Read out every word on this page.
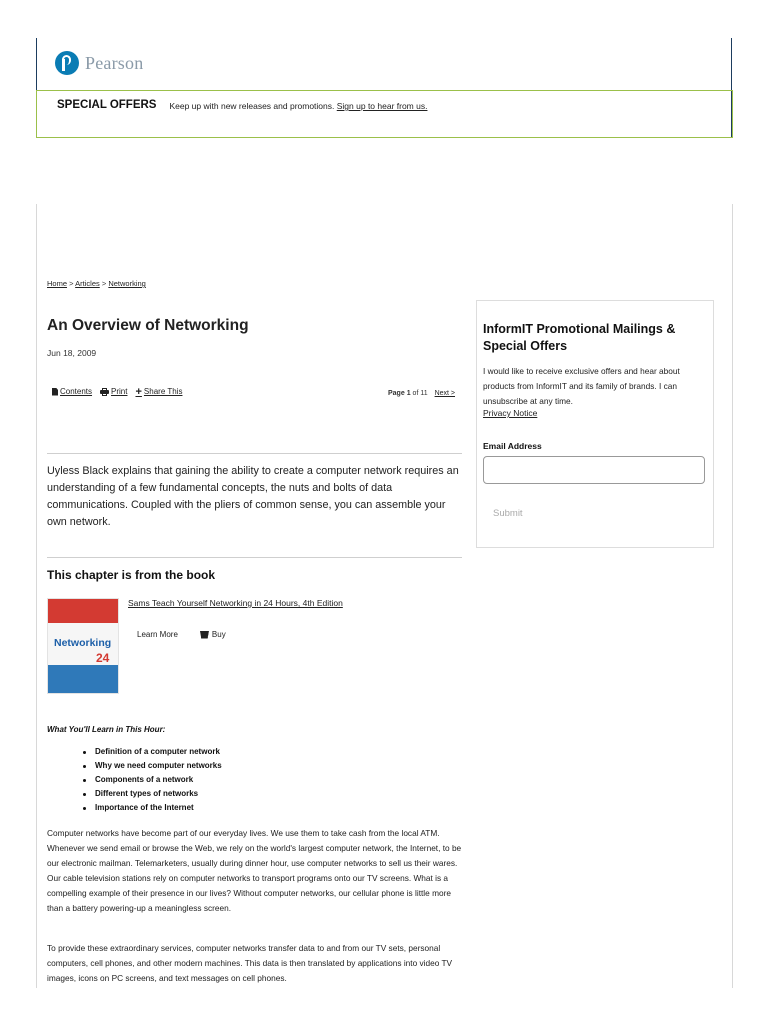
Pearson
SPECIAL OFFERS Keep up with new releases and promotions. Sign up to hear from us.
Home > Articles > Networking
An Overview of Networking
Jun 18, 2009
Contents Print + Share This	Page 1 of 11 Next >

Uyless Black explains that gaining the ability to create a computer network requires an understanding of a few fundamental concepts, the nuts and bolts of data communications. Coupled with the pliers of common sense, you can assemble your own network.

This chapter is from the book
Networking
24
Sams Teach Yourself Networking in 24 Hours, 4th Edition
Learn More	Buy
What You'll Learn in This Hour:
Definition of a computer network
Why we need computer networks
Components of a network
Different types of networks
Importance of the Internet

Computer networks have become part of our everyday lives. We use them to take cash from the local ATM. Whenever we send email or browse the Web, we rely on the world's largest computer network, the Internet, to be our electronic mailman. Telemarketers, usually during dinner hour, use computer networks to sell us their wares. Our cable television stations rely on computer networks to transport programs onto our TV screens. What is a compelling example of their presence in our lives? Without computer networks, our cellular phone is little more than a battery powering-up a meaningless screen.

To provide these extraordinary services, computer networks transfer data to and from our TV sets, personal computers, cell phones, and other modern machines. This data is then translated by applications into video TV images, icons on PC screens, and text messages on cell phones.

InformIT Promotional Mailings & Special Offers

I would like to receive exclusive offers and hear about products from InformIT and its family of brands. I can unsubscribe at any time.

Privacy Notice
Email Address
Submit
